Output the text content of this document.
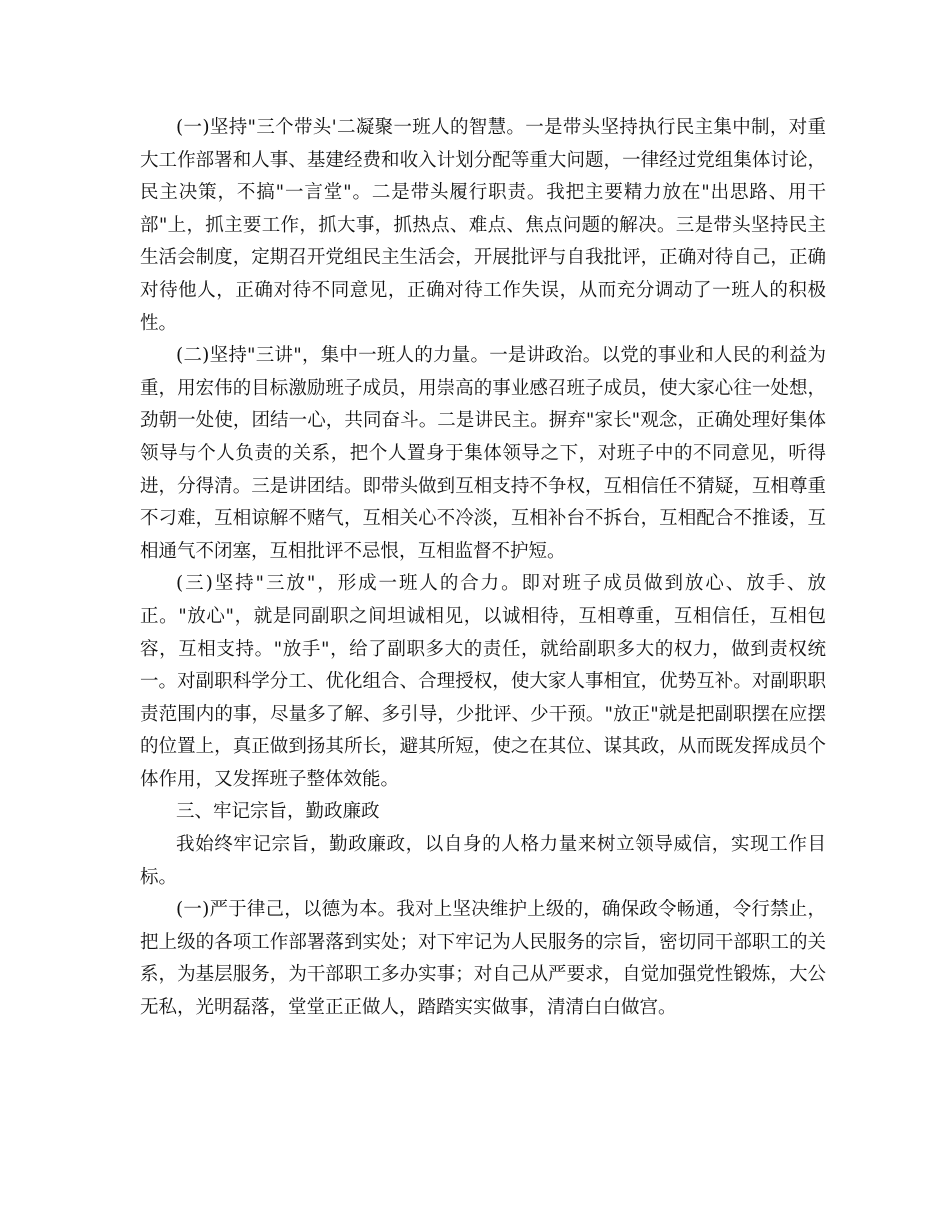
(一)坚持"三个带头'二凝聚一班人的智慧。一是带头坚持执行民主集中制，对重大工作部署和人事、基建经费和收入计划分配等重大问题，一律经过党组集体讨论，民主决策，不搞"一言堂"。二是带头履行职责。我把主要精力放在"出思路、用干 部"上，抓主要工作，抓大事，抓热点、难点、焦点问题的解决。三是带头坚持民主生活会制度，定期召开党组民主生活会，开展批评与自我批评，正确对待自己，正确对待他人，正确对待不同意见，正确对待工作失误，从而充分调动了一班人的积极性。

(二)坚持"三讲"，集中一班人的力量。一是讲政治。以党的事业和人民的利益为重，用宏伟的目标激励班子成员，用崇高的事业感召班子成员，使大家心往一处想，劲朝一处使，团结一心，共同奋斗。二是讲民主。摒弃"家长"观念，正确处理好集体领导与个人负责的关系，把个人置身于集体领导之下，对班子中的不同意见，听得进，分得清。三是讲团结。即带头做到互相支持不争权，互相信任不猜疑，互相尊重不刁难，互相谅解不赌气，互相关心不冷淡，互相补台不拆台，互相配合不推诿，互相通气不闭塞，互相批评不忌恨，互相监督不护短。

(三)坚持"三放"，形成一班人的合力。即对班子成员做到放心、放手、放正。"放心"，就是同副职之间坦诚相见，以诚相待，互相尊重，互相信任，互相包容，互相支持。"放手"，给了副职多大的责任，就给副职多大的权力，做到责权统一。对副职科学分工、优化组合、合理授权，使大家人事相宜，优势互补。对副职职责范围内的事，尽量多了解、多引导，少批评、少干预。"放正"就是把副职摆在应摆的位置上，真正做到扬其所长，避其所短，使之在其位、谋其政，从而既发挥成员个体作用，又发挥班子整体效能。

三、牢记宗旨，勤政廉政

我始终牢记宗旨，勤政廉政，以自身的人格力量来树立领导威信，实现工作目标。

(一)严于律己，以德为本。我对上坚决维护上级的，确保政令畅通，令行禁止，把上级的各项工作部署落到实处；对下牢记为人民服务的宗旨，密切同干部职工的关系，为基层服务，为干部职工多办实事；对自己从严要求，自觉加强党性锻炼，大公无私，光明磊落，堂堂正正做人，踏踏实实做事，清清白白做宫。
